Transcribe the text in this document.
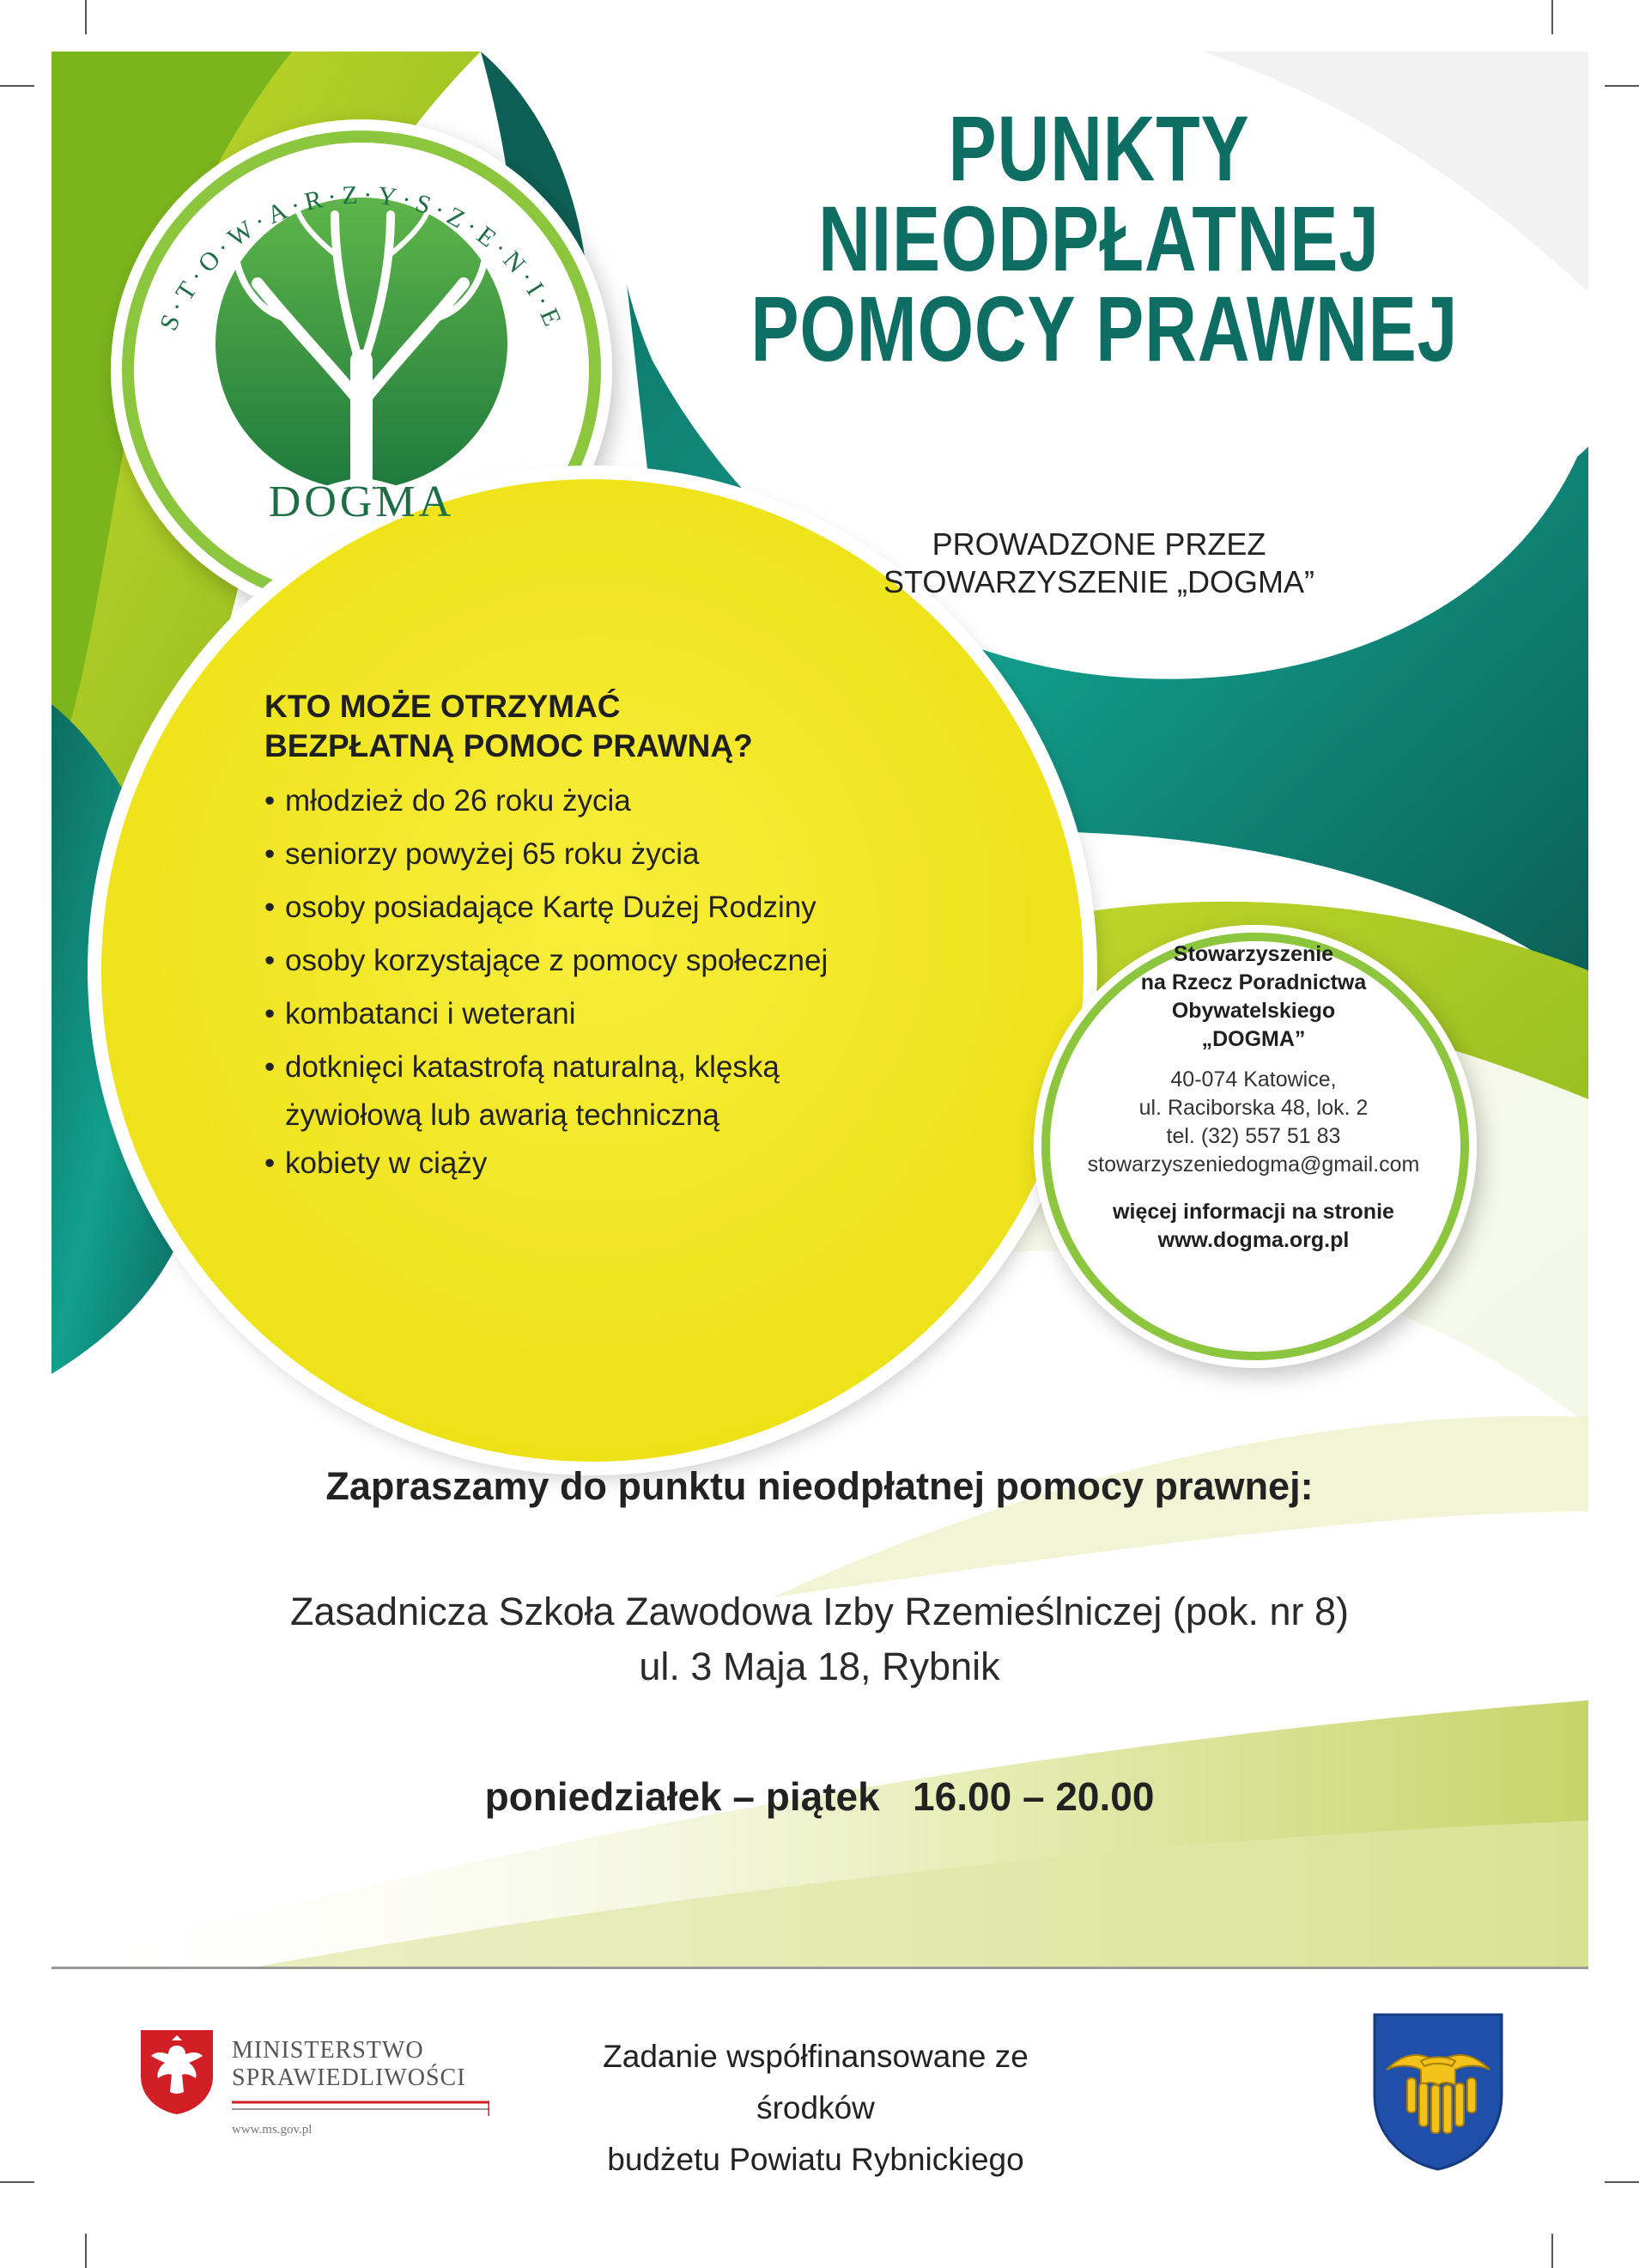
S·T·O·W·A·R·Z·Y·S·Z·E·N·I·E
DOGMA
PUNKTY
NIEODPŁATNEJ
POMOCY PRAWNEJ
PROWADZONE PRZEZ
STOWARZYSZENIE „DOGMA”
KTO MOŻE OTRZYMAĆ
BEZPŁATNĄ POMOC PRAWNĄ?
• młodzież do 26 roku życia
• seniorzy powyżej 65 roku życia
• osoby posiadające Kartę Dużej Rodziny
• osoby korzystające z pomocy społecznej
• kombatanci i weterani
• dotknięci katastrofą naturalną, klęską
żywiołową lub awarią techniczną
• kobiety w ciąży
Stowarzyszenie
na Rzecz Poradnictwa
Obywatelskiego
„DOGMA”
40-074 Katowice,
ul. Raciborska 48, lok. 2
tel. (32) 557 51 83
stowarzyszeniedogma@gmail.com
więcej informacji na stronie
www.dogma.org.pl
Zapraszamy do punktu nieodpłatnej pomocy prawnej:
Zasadnicza Szkoła Zawodowa Izby Rzemieślniczej (pok. nr 8)
ul. 3 Maja 18, Rybnik
poniedziałek – piątek   16.00 – 20.00
MINISTERSTWO
SPRAWIEDLIWOŚCI
www.ms.gov.pl
Zadanie współfinansowane ze środków
budżetu Powiatu Rybnickiego
